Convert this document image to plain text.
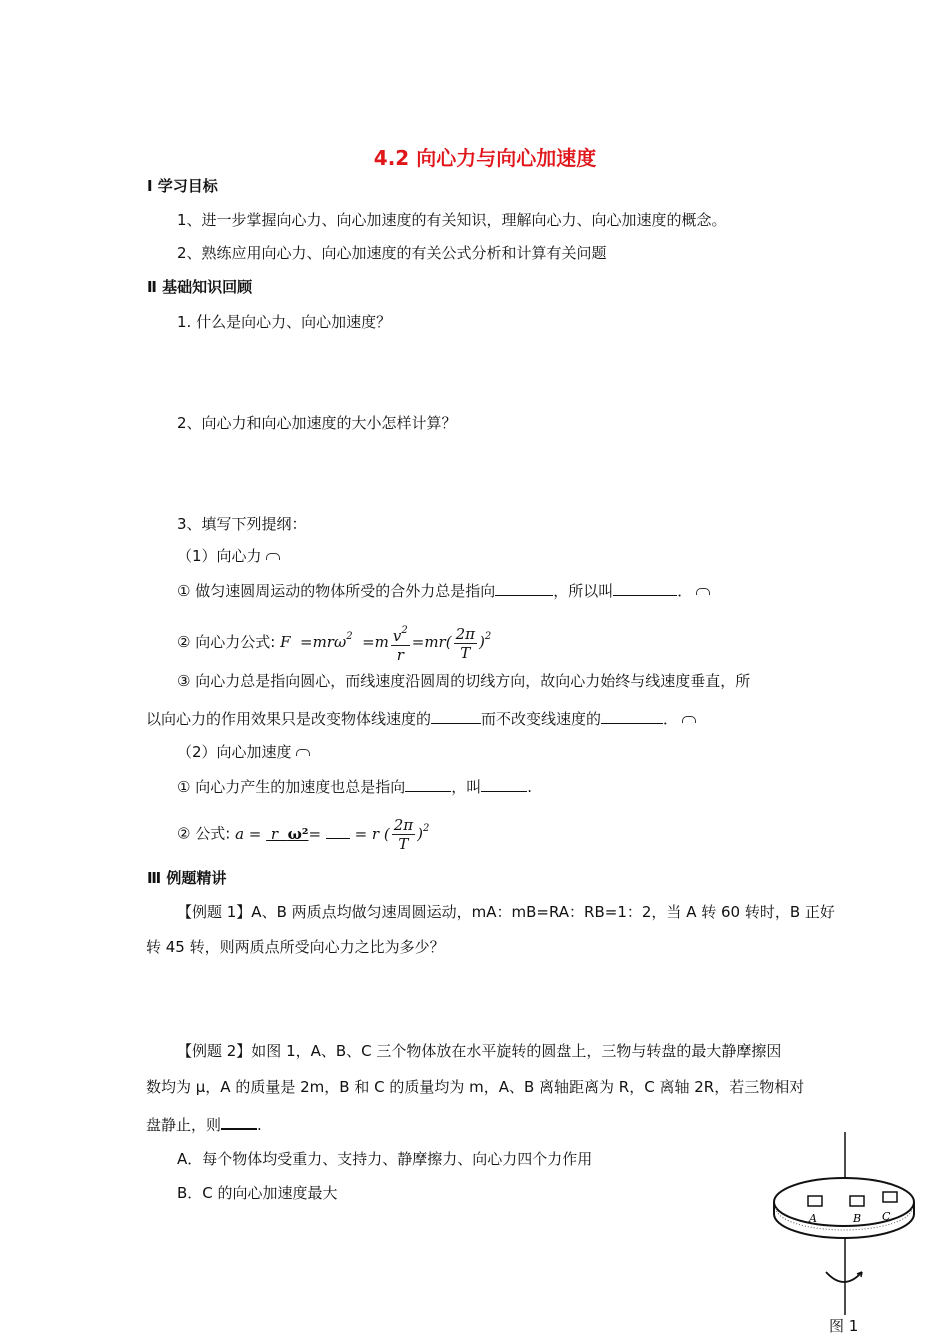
4.2 向心力与向心加速度
Ⅰ 学习目标
1、进一步掌握向心力、向心加速度的有关知识，理解向心力、向心加速度的概念。
2、熟练应用向心力、向心加速度的有关公式分析和计算有关问题
Ⅱ 基础知识回顾
1. 什么是向心力、向心加速度？
2、向心力和向心加速度的大小怎样计算？
3、填写下列提纲：
（1）向心力
① 做匀速圆周运动的物体所受的合外力总是指向	，所以叫	．
② 向心力公式: $F =mr\omega^2 =m \frac{v^2}{r} =mr( \frac{2\pi}{T} )^2$
③ 向心力总是指向圆心，而线速度沿圆周的切线方向，故向心力始终与线速度垂直，所
以向心力的作用效果只是改变物体线速度的	而不改变线速度的	．
（2）向心加速度
① 向心力产生的加速度也总是指向	，叫	.
② 公式: a =  r  ω²=  = r ( $\frac{2\pi}{T} )^2$
Ⅲ 例题精讲
【例题 1】A、B 两质点均做匀速周圆运动，mA：mB=RA：RB=1：2，当 A 转 60 转时，B 正好
转 45 转，则两质点所受向心力之比为多少？
【例题 2】如图 1，A、B、C 三个物体放在水平旋转的圆盘上，三物与转盘的最大静摩擦因
数均为 μ，A 的质量是 2m，B 和 C 的质量均为 m，A、B 离轴距离为 R，C 离轴 2R，若三物相对
盘静止，则 .
A．每个物体均受重力、支持力、静摩擦力、向心力四个力作用
B．C 的向心加速度最大
A	B C
图 1
